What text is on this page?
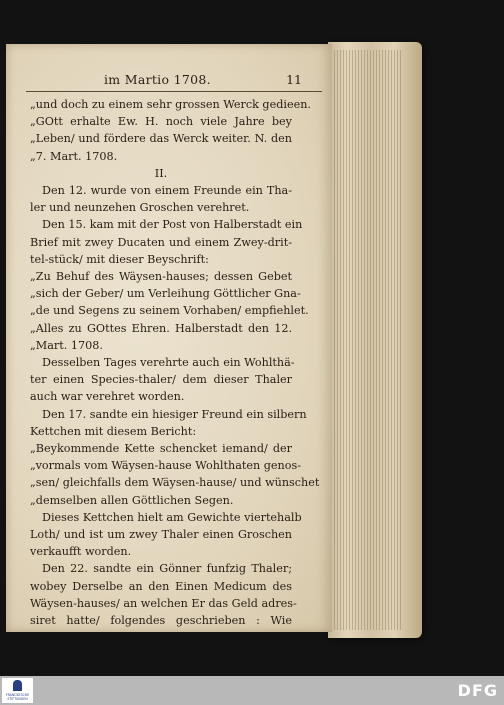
im Martio 1708.	11
„und doch zu einem sehr grossen Werck gedieen.
„GOtt erhalte Ew. H. noch viele Jahre bey
„Leben/ und fördere das Werck weiter. N. den
„7. Mart. 1708.
II.
Den 12. wurde von einem Freunde ein Tha-
ler und neunzehen Groschen verehret.
Den 15. kam mit der Post von Halberstadt ein
Brief mit zwey Ducaten und einem Zwey-drit-
tel-stück/ mit dieser Beyschrift:
„Zu Behuf des Wäysen-hauses; dessen Gebet
„sich der Geber/ um Verleihung Göttlicher Gna-
„de und Segens zu seinem Vorhaben/ empfiehlet.
„Alles zu GOttes Ehren. Halberstadt den 12.
„Mart. 1708.
Desselben Tages verehrte auch ein Wohlthä-
ter einen Species-thaler/ dem dieser Thaler
auch war verehret worden.
Den 17. sandte ein hiesiger Freund ein silbern
Kettchen mit diesem Bericht:
„Beykommende Kette schencket iemand/ der
„vormals vom Wäysen-hause Wohlthaten genos-
„sen/ gleichfalls dem Wäysen-hause/ und wünschet
„demselben allen Göttlichen Segen.
Dieses Kettchen hielt am Gewichte viertehalb
Loth/ und ist um zwey Thaler einen Groschen
verkaufft worden.
Den 22. sandte ein Gönner funfzig Thaler;
wobey Derselbe an den Einen Medicum des
Wäysen-hauses/ an welchen Er das Geld adres-
siret hatte/ folgendes geschrieben : Wie
FRANCKESCHE STIFTUNGEN	DFG
